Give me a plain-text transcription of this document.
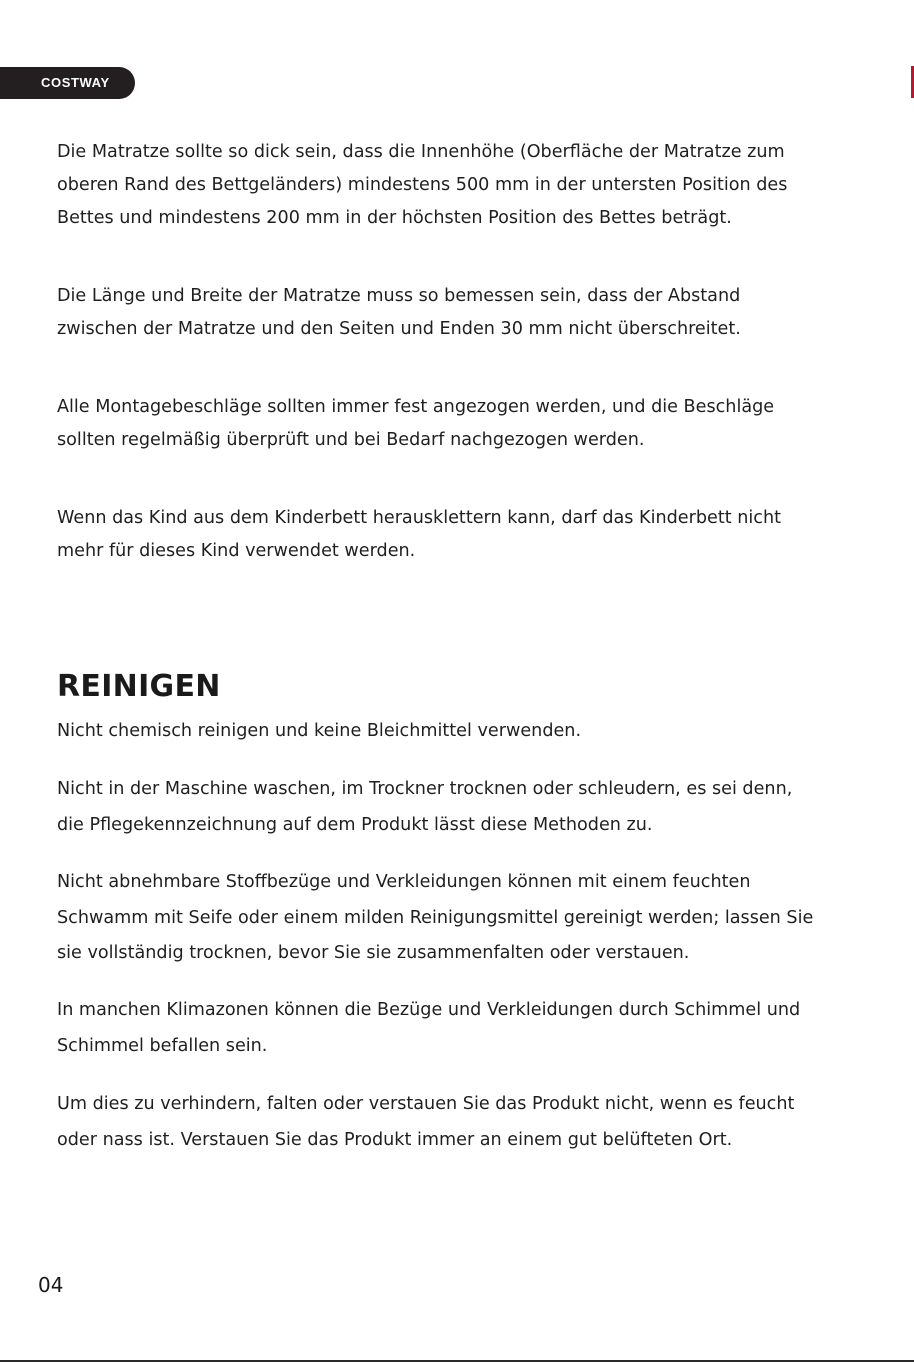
COSTWAY

Die Matratze sollte so dick sein, dass die Innenhöhe (Oberfläche der Matratze zum
oberen Rand des Bettgeländers) mindestens 500 mm in der untersten Position des
Bettes und mindestens 200 mm in der höchsten Position des Bettes beträgt.

Die Länge und Breite der Matratze muss so bemessen sein, dass der Abstand
zwischen der Matratze und den Seiten und Enden 30 mm nicht überschreitet.

Alle Montagebeschläge sollten immer fest angezogen werden, und die Beschläge
sollten regelmäßig überprüft und bei Bedarf nachgezogen werden.

Wenn das Kind aus dem Kinderbett herausklettern kann, darf das Kinderbett nicht
mehr für dieses Kind verwendet werden.

REINIGEN

Nicht chemisch reinigen und keine Bleichmittel verwenden.

Nicht in der Maschine waschen, im Trockner trocknen oder schleudern, es sei denn,
die Pflegekennzeichnung auf dem Produkt lässt diese Methoden zu.

Nicht abnehmbare Stoffbezüge und Verkleidungen können mit einem feuchten
Schwamm mit Seife oder einem milden Reinigungsmittel gereinigt werden; lassen Sie
sie vollständig trocknen, bevor Sie sie zusammenfalten oder verstauen.

In manchen Klimazonen können die Bezüge und Verkleidungen durch Schimmel und
Schimmel befallen sein.

Um dies zu verhindern, falten oder verstauen Sie das Produkt nicht, wenn es feucht
oder nass ist. Verstauen Sie das Produkt immer an einem gut belüfteten Ort.

04
